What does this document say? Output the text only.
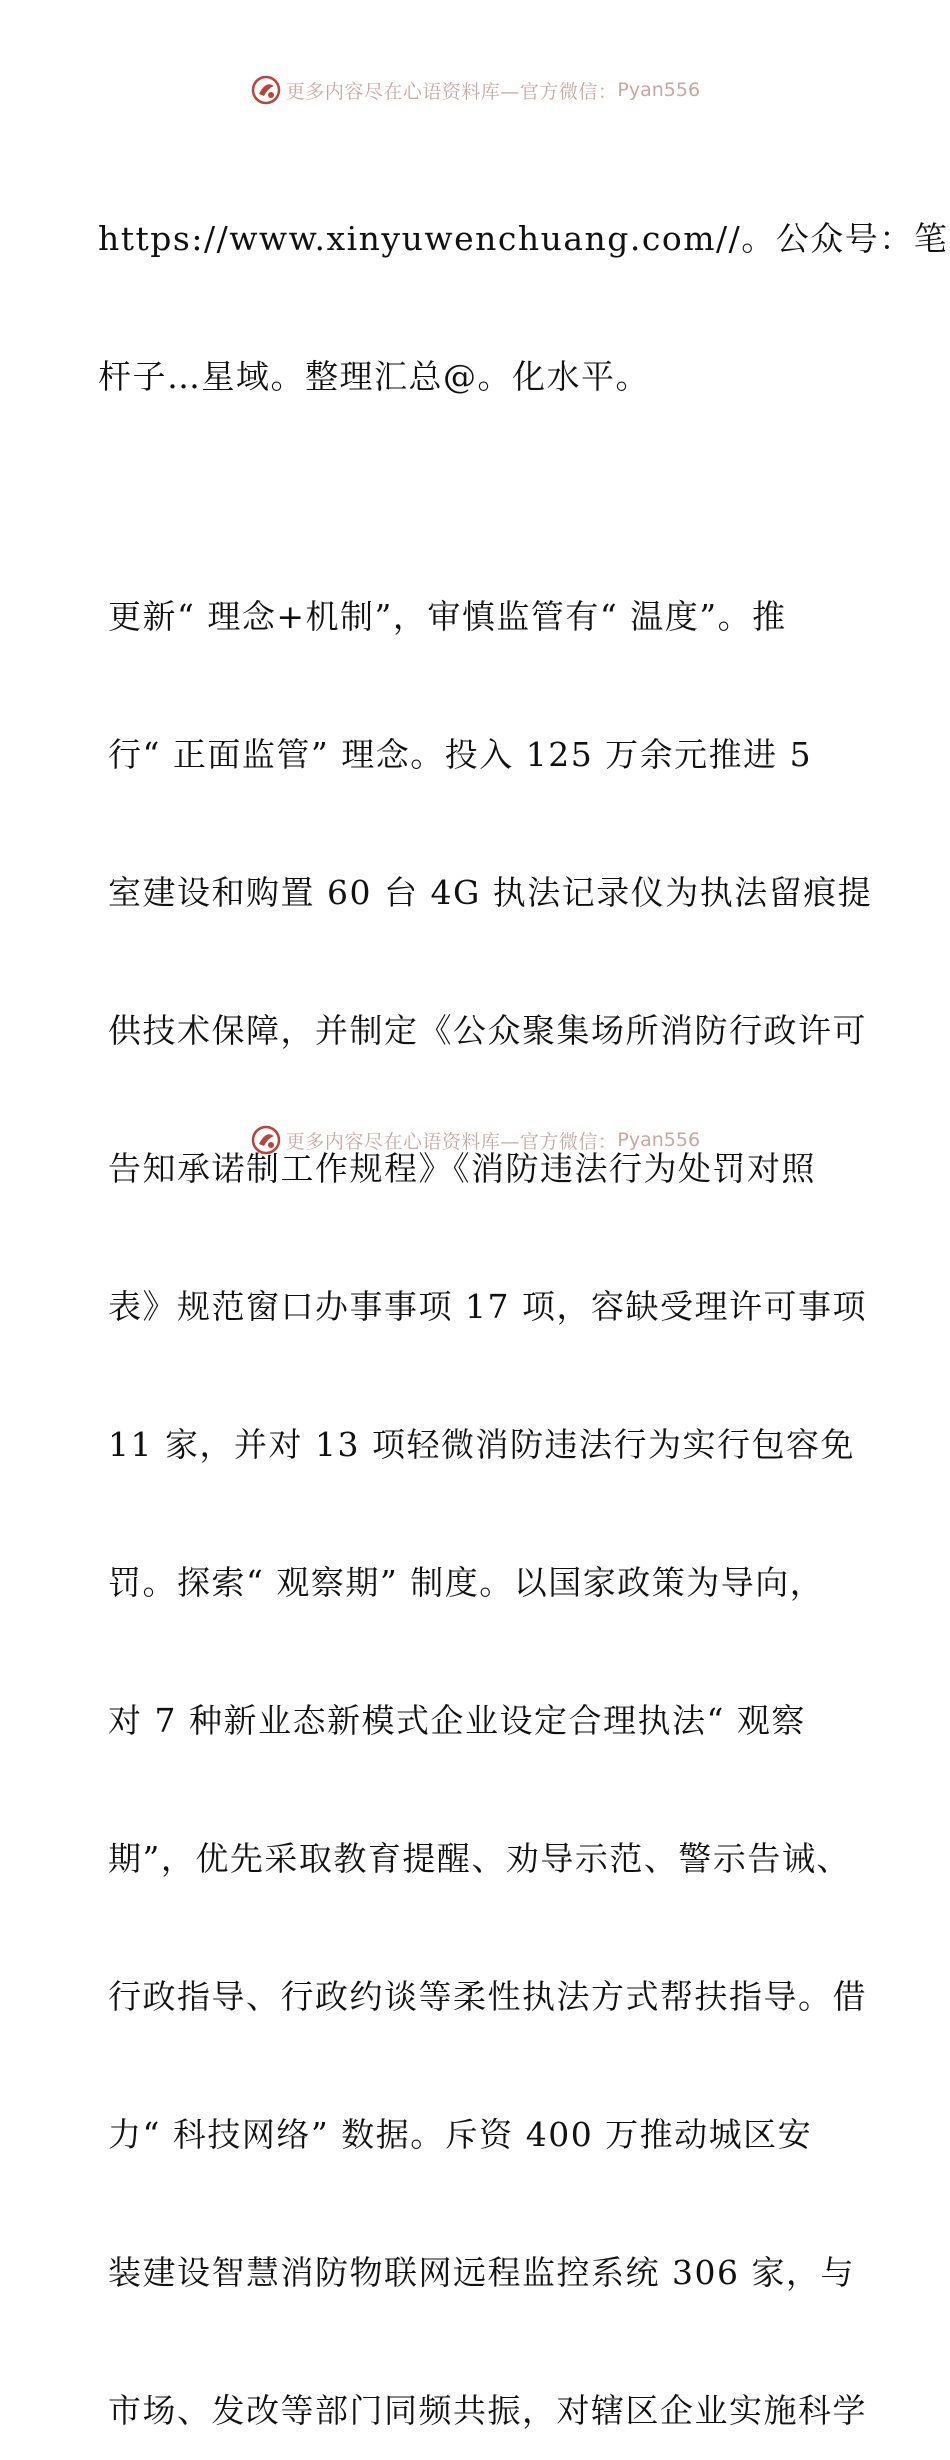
更多内容尽在心语资料库—官方微信： Pyan556

https://www.xinyuwenchuang.com//。公众号：笔

杆子…星域。整理汇总@。化水平。

更新“ 理念+机制”，审慎监管有“ 温度”。推

行“ 正面监管” 理念。投入 125 万余元推进 5

室建设和购置 60 台 4G 执法记录仪为执法留痕提

供技术保障，并制定《公众聚集场所消防行政许可

告知承诺制工作规程》《消防违法行为处罚对照

表》规范窗口办事事项 17 项，容缺受理许可事项

11 家，并对 13 项轻微消防违法行为实行包容免

罚。探索“ 观察期” 制度。以国家政策为导向，

对 7 种新业态新模式企业设定合理执法“ 观察

期”，优先采取教育提醒、劝导示范、警示告诫、

行政指导、行政约谈等柔性执法方式帮扶指导。借

力“ 科技网络” 数据。斥资 400 万推动城区安

装建设智慧消防物联网远程监控系统 306 家，与

市场、发改等部门同频共振，对辖区企业实施科学

更多内容尽在心语资料库—官方微信： Pyan556
